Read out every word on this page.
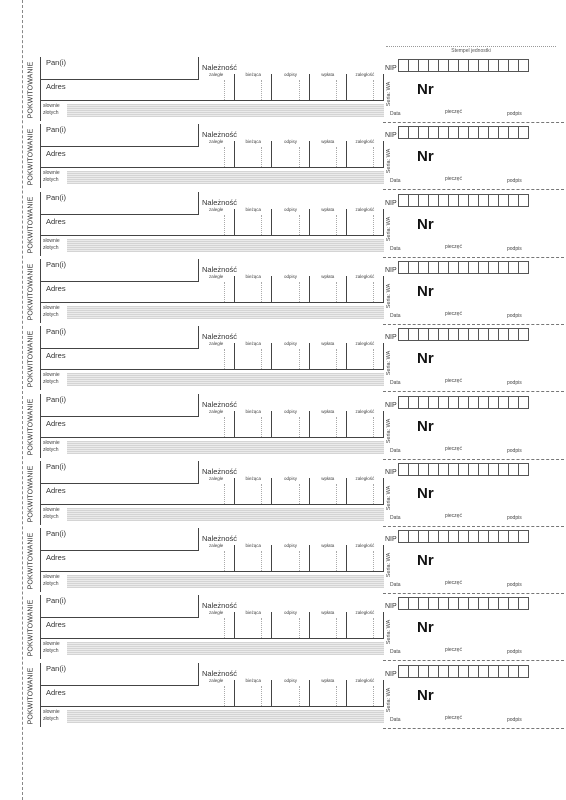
Stempel jednostki
POKWITOWANIE Pan(i)
Adres
Należność
zaległe	bieżąca	odpisy	wpłata	zaległość
słownie
złotych
NIP
Seria: WA Nr
Data	pieczęć	podpis
POKWITOWANIE Pan(i)
Adres
Należność
zaległe	bieżąca	odpisy	wpłata	zaległość
słownie
złotych
NIP
Seria: WA Nr
Data	pieczęć	podpis
POKWITOWANIE Pan(i)
Adres
Należność
zaległe	bieżąca	odpisy	wpłata	zaległość
słownie
złotych
NIP
Seria: WA Nr
Data	pieczęć	podpis
POKWITOWANIE Pan(i)
Adres
Należność
zaległe	bieżąca	odpisy	wpłata	zaległość
słownie
złotych
NIP
Seria: WA Nr
Data	pieczęć	podpis
POKWITOWANIE Pan(i)
Adres
Należność
zaległe	bieżąca	odpisy	wpłata	zaległość
słownie
złotych
NIP
Seria: WA Nr
Data	pieczęć	podpis
POKWITOWANIE Pan(i)
Adres
Należność
zaległe	bieżąca	odpisy	wpłata	zaległość
słownie
złotych
NIP
Seria: WA Nr
Data	pieczęć	podpis
POKWITOWANIE Pan(i)
Adres
Należność
zaległe	bieżąca	odpisy	wpłata	zaległość
słownie
złotych
NIP
Seria: WA Nr
Data	pieczęć	podpis
POKWITOWANIE Pan(i)
Adres
Należność
zaległe	bieżąca	odpisy	wpłata	zaległość
słownie
złotych
NIP
Seria: WA Nr
Data	pieczęć	podpis
POKWITOWANIE Pan(i)
Adres
Należność
zaległe	bieżąca	odpisy	wpłata	zaległość
słownie
złotych
NIP
Seria: WA Nr
Data	pieczęć	podpis
POKWITOWANIE Pan(i)
Adres
Należność
zaległe	bieżąca	odpisy	wpłata	zaległość
słownie
złotych
NIP
Seria: WA Nr
Data	pieczęć	podpis
